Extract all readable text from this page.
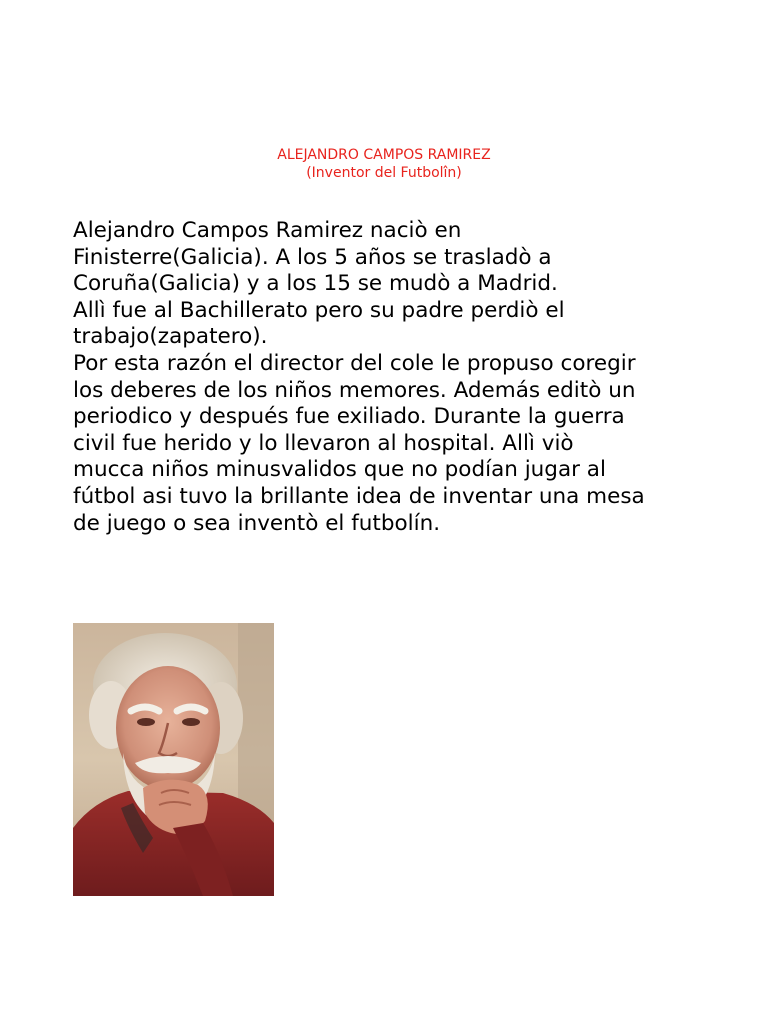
ALEJANDRO CAMPOS RAMIREZ
(Inventor del Futbolîn)
Alejandro Campos Ramirez naciò en
Finisterre(Galicia). A los 5 años se trasladò a
Coruña(Galicia) y a los 15 se mudò a Madrid.
Allì fue al Bachillerato pero su padre perdiò el
trabajo(zapatero).
Por esta razón el director del cole le propuso coregir
los deberes de los niños memores. Además editò un
periodico y después fue exiliado. Durante la guerra
civil fue herido y lo llevaron al hospital. Allì viò
mucca niños minusvalidos que no podían jugar al
fútbol asi tuvo la brillante idea de inventar una mesa
de juego o sea inventò el futbolín.
